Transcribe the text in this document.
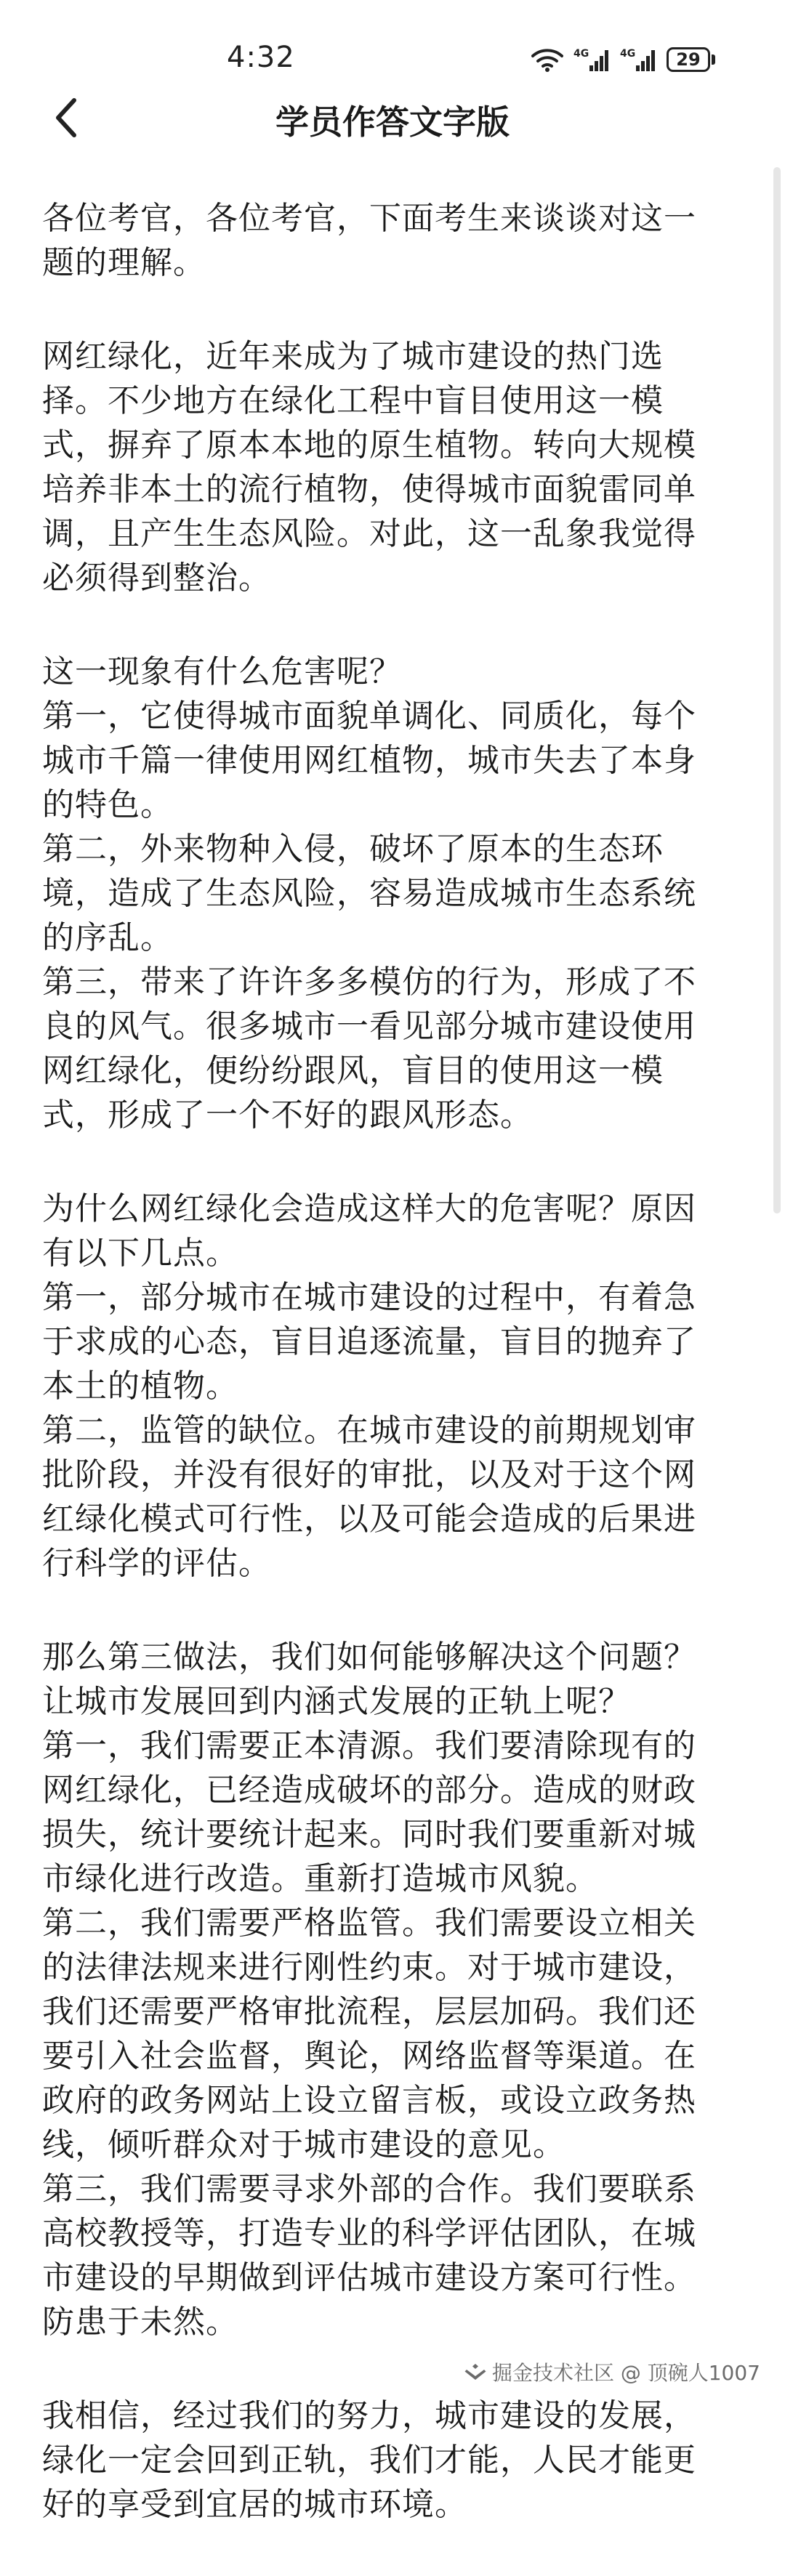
4:32	4G	4G	29
学员作答文字版
各位考官，各位考官，下面考生来谈谈对这一
题的理解。
网红绿化，近年来成为了城市建设的热门选
择。不少地方在绿化工程中盲目使用这一模
式，摒弃了原本本地的原生植物。转向大规模
培养非本土的流行植物，使得城市面貌雷同单
调，且产生生态风险。对此，这一乱象我觉得
必须得到整治。
这一现象有什么危害呢？
第一，它使得城市面貌单调化、同质化，每个
城市千篇一律使用网红植物，城市失去了本身
的特色。
第二，外来物种入侵，破坏了原本的生态环
境，造成了生态风险，容易造成城市生态系统
的序乱。
第三，带来了许许多多模仿的行为，形成了不
良的风气。很多城市一看见部分城市建设使用
网红绿化，便纷纷跟风，盲目的使用这一模
式，形成了一个不好的跟风形态。
为什么网红绿化会造成这样大的危害呢？原因
有以下几点。
第一，部分城市在城市建设的过程中，有着急
于求成的心态，盲目追逐流量，盲目的抛弃了
本土的植物。
第二，监管的缺位。在城市建设的前期规划审
批阶段，并没有很好的审批，以及对于这个网
红绿化模式可行性，以及可能会造成的后果进
行科学的评估。
那么第三做法，我们如何能够解决这个问题？
让城市发展回到内涵式发展的正轨上呢？
第一，我们需要正本清源。我们要清除现有的
网红绿化，已经造成破坏的部分。造成的财政
损失，统计要统计起来。同时我们要重新对城
市绿化进行改造。重新打造城市风貌。
第二，我们需要严格监管。我们需要设立相关
的法律法规来进行刚性约束。对于城市建设，
我们还需要严格审批流程，层层加码。我们还
要引入社会监督，舆论，网络监督等渠道。在
政府的政务网站上设立留言板，或设立政务热
线，倾听群众对于城市建设的意见。
第三，我们需要寻求外部的合作。我们要联系
高校教授等，打造专业的科学评估团队，在城
市建设的早期做到评估城市建设方案可行性。
防患于未然。
我相信，经过我们的努力，城市建设的发展，
绿化一定会回到正轨，我们才能，人民才能更
好的享受到宜居的城市环境。
掘金技术社区 @ 顶碗人1007
